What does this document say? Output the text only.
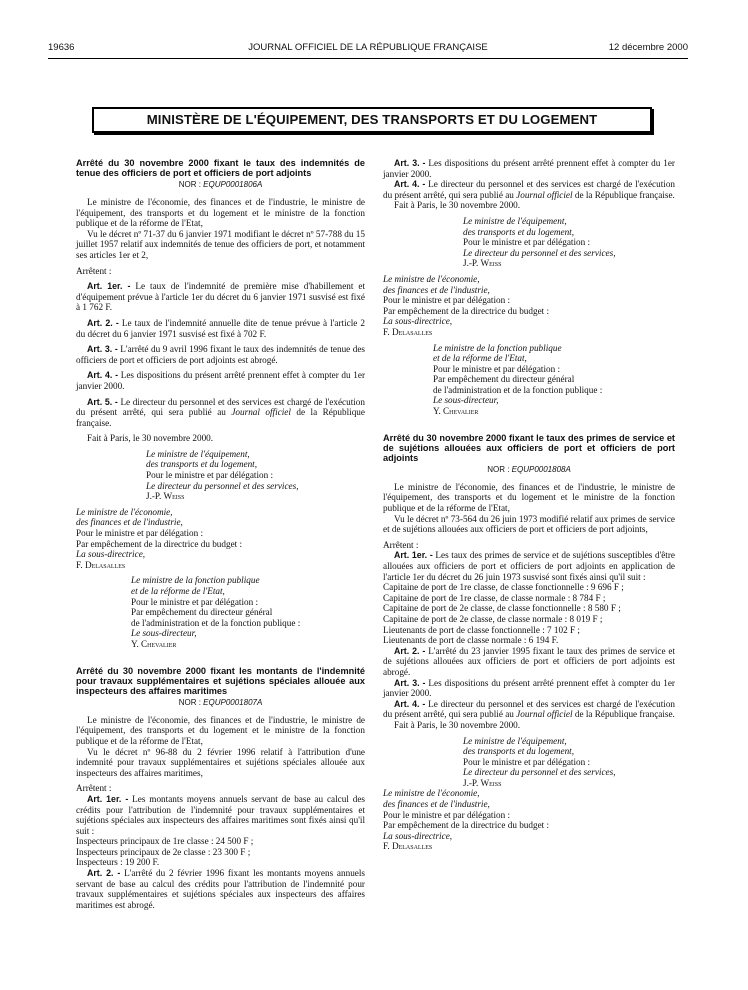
19636	JOURNAL OFFICIEL DE LA RÉPUBLIQUE FRANÇAISE	12 décembre 2000
MINISTÈRE DE L'ÉQUIPEMENT, DES TRANSPORTS ET DU LOGEMENT

Arrêté du 30 novembre 2000 fixant le taux des indemnités de tenue des officiers de port et officiers de port adjoints

NOR : EQUP0001806A

Le ministre de l'économie, des finances et de l'industrie, le ministre de l'équipement, des transports et du logement et le ministre de la fonction publique et de la réforme de l'Etat,

Vu le décret nº 71-37 du 6 janvier 1971 modifiant le décret nº 57-788 du 15 juillet 1957 relatif aux indemnités de tenue des officiers de port, et notamment ses articles 1er et 2,

Arrêtent :

Art. 1er. - Le taux de l'indemnité de première mise d'habillement et d'équipement prévue à l'article 1er du décret du 6 janvier 1971 susvisé est fixé à 1 762 F.

Art. 2. - Le taux de l'indemnité annuelle dite de tenue prévue à l'article 2 du décret du 6 janvier 1971 susvisé est fixé à 702 F.

Art. 3. - L'arrêté du 9 avril 1996 fixant le taux des indemnités de tenue des officiers de port et officiers de port adjoints est abrogé.

Art. 4. - Les dispositions du présent arrêté prennent effet à compter du 1er janvier 2000.

Art. 5. - Le directeur du personnel et des services est chargé de l'exécution du présent arrêté, qui sera publié au Journal officiel de la République française.

Fait à Paris, le 30 novembre 2000.

Le ministre de l'équipement,

des transports et du logement,

Pour le ministre et par délégation :

Le directeur du personnel et des services,

J.-P. Weiss

Le ministre de l'économie,

des finances et de l'industrie,

Pour le ministre et par délégation :

Par empêchement de la directrice du budget :

La sous-directrice,

F. Delasalles

Le ministre de la fonction publique

et de la réforme de l'Etat,

Pour le ministre et par délégation :

Par empêchement du directeur général

de l'administration et de la fonction publique :

Le sous-directeur,

Y. Chevalier

Arrêté du 30 novembre 2000 fixant les montants de l'indemnité pour travaux supplémentaires et sujétions spéciales allouée aux inspecteurs des affaires maritimes

NOR : EQUP0001807A

Le ministre de l'économie, des finances et de l'industrie, le ministre de l'équipement, des transports et du logement et le ministre de la fonction publique et de la réforme de l'Etat,

Vu le décret nº 96-88 du 2 février 1996 relatif à l'attribution d'une indemnité pour travaux supplémentaires et sujétions spéciales allouée aux inspecteurs des affaires maritimes,

Arrêtent :

Art. 1er. - Les montants moyens annuels servant de base au calcul des crédits pour l'attribution de l'indemnité pour travaux supplémentaires et sujétions spéciales aux inspecteurs des affaires maritimes sont fixés ainsi qu'il suit :

Inspecteurs principaux de 1re classe : 24 500 F ;

Inspecteurs principaux de 2e classe : 23 300 F ;

Inspecteurs : 19 200 F.

Art. 2. - L'arrêté du 2 février 1996 fixant les montants moyens annuels servant de base au calcul des crédits pour l'attribution de l'indemnité pour travaux supplémentaires et sujétions spéciales aux inspecteurs des affaires maritimes est abrogé.

Art. 3. - Les dispositions du présent arrêté prennent effet à compter du 1er janvier 2000.

Art. 4. - Le directeur du personnel et des services est chargé de l'exécution du présent arrêté, qui sera publié au Journal officiel de la République française.

Fait à Paris, le 30 novembre 2000.

Le ministre de l'équipement,

des transports et du logement,

Pour le ministre et par délégation :

Le directeur du personnel et des services,

J.-P. Weiss

Le ministre de l'économie,

des finances et de l'industrie,

Pour le ministre et par délégation :

Par empêchement de la directrice du budget :

La sous-directrice,

F. Delasalles

Le ministre de la fonction publique

et de la réforme de l'Etat,

Pour le ministre et par délégation :

Par empêchement du directeur général

de l'administration et de la fonction publique :

Le sous-directeur,

Y. Chevalier

Arrêté du 30 novembre 2000 fixant le taux des primes de service et de sujétions allouées aux officiers de port et officiers de port adjoints

NOR : EQUP0001808A

Le ministre de l'économie, des finances et de l'industrie, le ministre de l'équipement, des transports et du logement et le ministre de la fonction publique et de la réforme de l'Etat,

Vu le décret nº 73-564 du 26 juin 1973 modifié relatif aux primes de service et de sujétions allouées aux officiers de port et officiers de port adjoints,

Arrêtent :

Art. 1er. - Les taux des primes de service et de sujétions susceptibles d'être allouées aux officiers de port et officiers de port adjoints en application de l'article 1er du décret du 26 juin 1973 susvisé sont fixés ainsi qu'il suit :

Capitaine de port de 1re classe, de classe fonctionnelle : 9 696 F ;

Capitaine de port de 1re classe, de classe normale : 8 784 F ;

Capitaine de port de 2e classe, de classe fonctionnelle : 8 580 F ;

Capitaine de port de 2e classe, de classe normale : 8 019 F ;

Lieutenants de port de classe fonctionnelle : 7 102 F ;

Lieutenants de port de classe normale : 6 194 F.

Art. 2. - L'arrêté du 23 janvier 1995 fixant le taux des primes de service et de sujétions allouées aux officiers de port et officiers de port adjoints est abrogé.

Art. 3. - Les dispositions du présent arrêté prennent effet à compter du 1er janvier 2000.

Art. 4. - Le directeur du personnel et des services est chargé de l'exécution du présent arrêté, qui sera publié au Journal officiel de la République française.

Fait à Paris, le 30 novembre 2000.

Le ministre de l'équipement,

des transports et du logement,

Pour le ministre et par délégation :

Le directeur du personnel et des services,

J.-P. Weiss

Le ministre de l'économie,

des finances et de l'industrie,

Pour le ministre et par délégation :

Par empêchement de la directrice du budget :

La sous-directrice,

F. Delasalles
